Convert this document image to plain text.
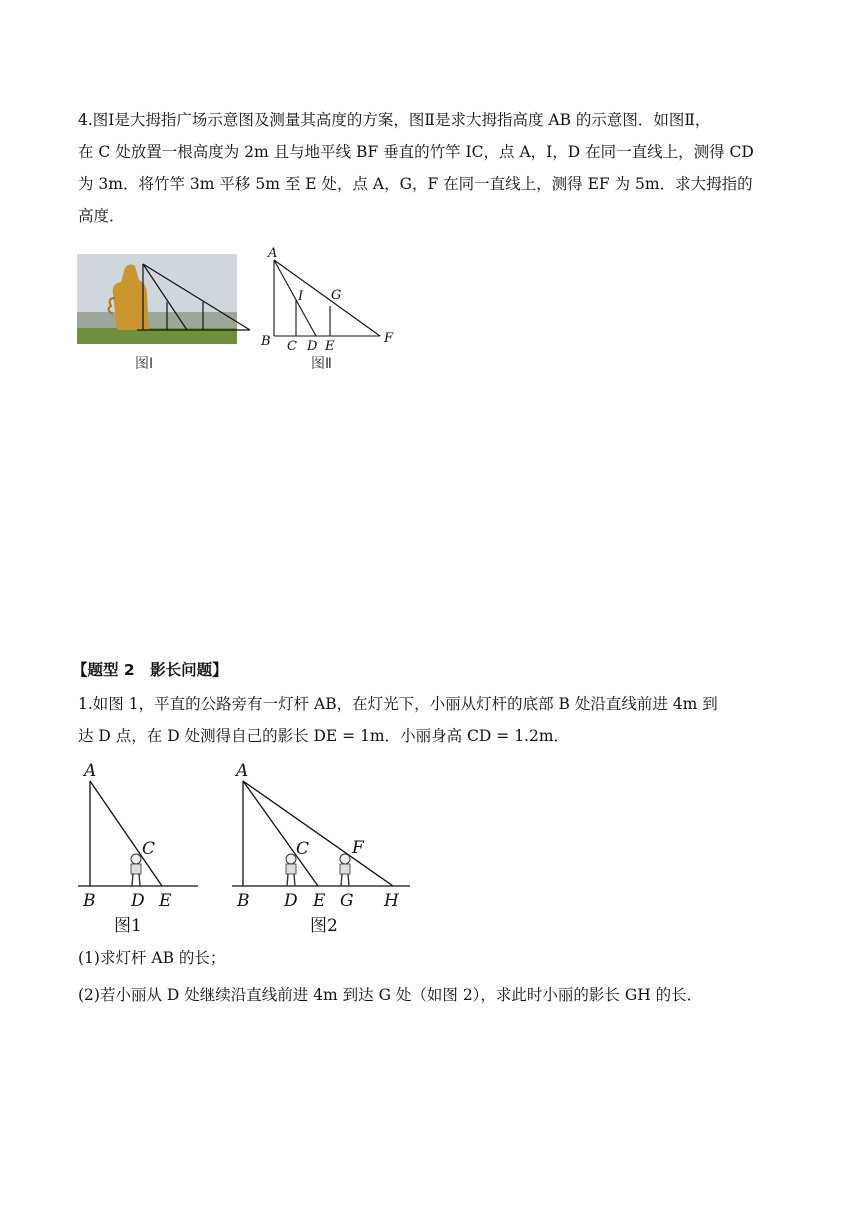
4.图Ⅰ是大拇指广场示意图及测量其高度的方案，图Ⅱ是求大拇指高度 AB 的示意图．如图Ⅱ，
在 C 处放置一根高度为 2m 且与地平线 BF 垂直的竹竿 IC，点 A，I，D 在同一直线上，测得 CD
为 3m．将竹竿 3m 平移 5m 至 E 处，点 A，G，F 在同一直线上，测得 EF 为 5m．求大拇指的
高度．
图Ⅰ
A
I G
B C D E
F
图Ⅱ
【题型 2　影长问题】
1.如图 1，平直的公路旁有一灯杆 AB，在灯光下，小丽从灯杆的底部 B 处沿直线前进 4m 到
达 D 点，在 D 处测得自己的影长 DE = 1m．小丽身高 CD = 1.2m．
A
C
B D E
图1
A
C	F
B D E G H
图2
(1)求灯杆 AB 的长；
(2)若小丽从 D 处继续沿直线前进 4m 到达 G 处（如图 2），求此时小丽的影长 GH 的长．
